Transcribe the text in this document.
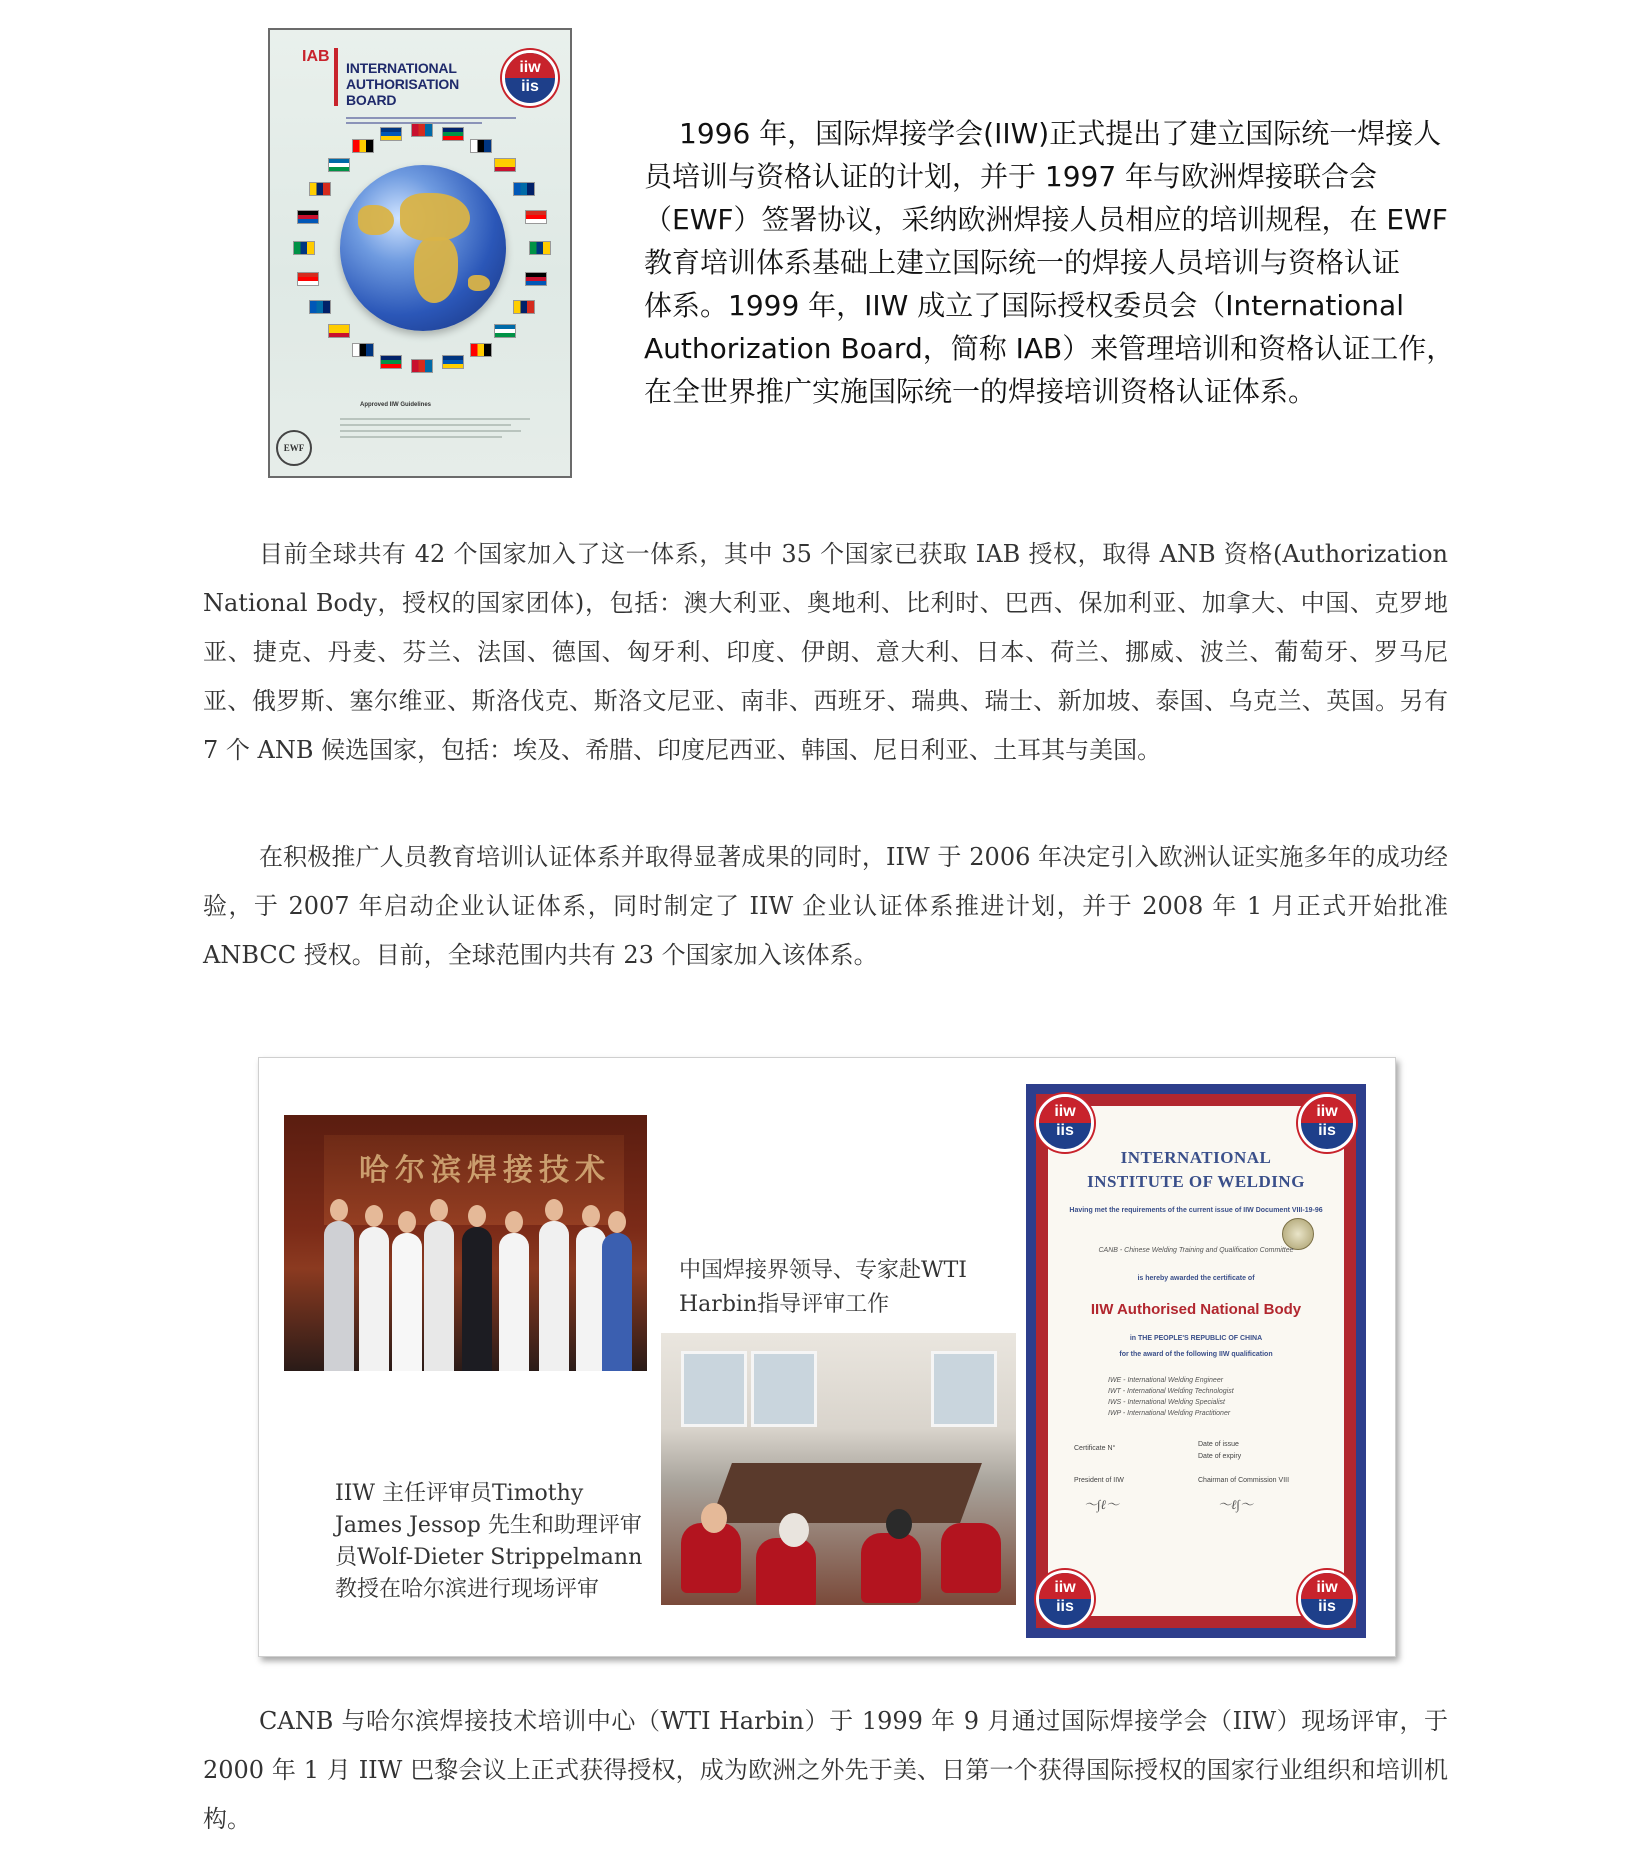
IAB
INTERNATIONAL AUTHORISATION BOARD
iiw
iis
Approved IIW Guidelines
EWF
1996 年，国际焊接学会(IIW)正式提出了建立国际统一焊接人
员培训与资格认证的计划，并于 1997 年与欧洲焊接联合会
（EWF）签署协议，采纳欧洲焊接人员相应的培训规程，在 EWF
教育培训体系基础上建立国际统一的焊接人员培训与资格认证
体系。1999 年，IIW 成立了国际授权委员会（International
Authorization Board，简称 IAB）来管理培训和资格认证工作，
在全世界推广实施国际统一的焊接培训资格认证体系。

目前全球共有 42 个国家加入了这一体系，其中 35 个国家已获取 IAB 授权，取得 ANB 资格(Authorization National Body，授权的国家团体)，包括：澳大利亚、奥地利、比利时、巴西、保加利亚、加拿大、中国、克罗地亚、捷克、丹麦、芬兰、法国、德国、匈牙利、印度、伊朗、意大利、日本、荷兰、挪威、波兰、葡萄牙、罗马尼亚、俄罗斯、塞尔维亚、斯洛伐克、斯洛文尼亚、南非、西班牙、瑞典、瑞士、新加坡、泰国、乌克兰、英国。另有 7 个 ANB 候选国家，包括：埃及、希腊、印度尼西亚、韩国、尼日利亚、土耳其与美国。

在积极推广人员教育培训认证体系并取得显著成果的同时，IIW 于 2006 年决定引入欧洲认证实施多年的成功经验，于 2007 年启动企业认证体系，同时制定了 IIW 企业认证体系推进计划，并于 2008 年 1 月正式开始批准 ANBCC 授权。目前，全球范围内共有 23 个国家加入该体系。

哈尔滨焊接技术

中国焊接界领导、专家赴WTI Harbin指导评审工作

IIW 主任评审员Timothy James Jessop 先生和助理评审员Wolf-Dieter Strippelmann 教授在哈尔滨进行现场评审

INTERNATIONAL
INSTITUTE OF WELDING
Having met the requirements of the current issue of IIW Document VIII-19-96
CANB - Chinese Welding Training and Qualification Committee
is hereby awarded the certificate of
IIW Authorised National Body
in THE PEOPLE'S REPUBLIC OF CHINA
for the award of the following IIW qualification
IWE - International Welding Engineer
IWT - International Welding Technologist
IWS - International Welding Specialist
IWP - International Welding Practitioner
Certificate N°
Date of issue
Date of expiry
President of IIW	Chairman of Commission VIII
～∫ℓ〜	〜ℓ∫〜
iiw
iis
iiw
iis
iiw
iis
iiw
iis

CANB 与哈尔滨焊接技术培训中心（WTI Harbin）于 1999 年 9 月通过国际焊接学会（IIW）现场评审，于 2000 年 1 月 IIW 巴黎会议上正式获得授权，成为欧洲之外先于美、日第一个获得国际授权的国家行业组织和培训机构。
